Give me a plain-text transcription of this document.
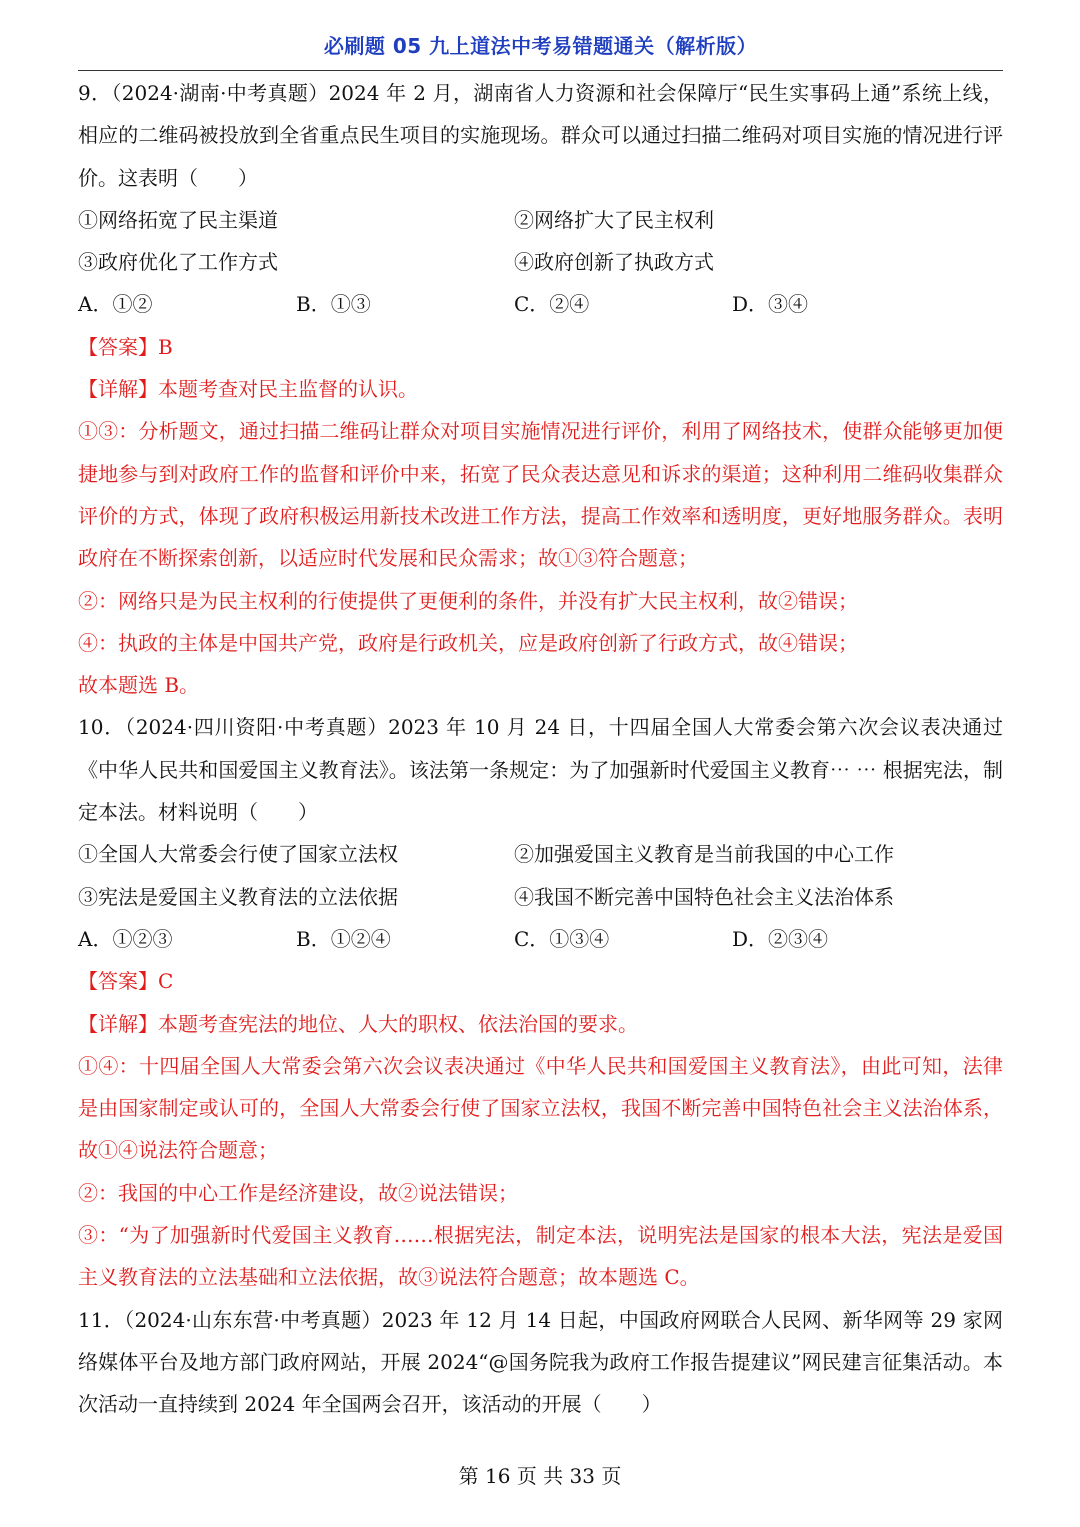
必刷题 05 九上道法中考易错题通关（解析版）
9．（2024·湖南·中考真题）2024 年 2 月，湖南省人力资源和社会保障厅“民生实事码上通”系统上线，相应的二维码被投放到全省重点民生项目的实施现场。群众可以通过扫描二维码对项目实施的情况进行评价。这表明（　　）
①网络拓宽了民主渠道	②网络扩大了民主权利
③政府优化了工作方式	④政府创新了执政方式
A．①②	B．①③	C．②④	D．③④
【答案】B
【详解】本题考查对民主监督的认识。
①③：分析题文，通过扫描二维码让群众对项目实施情况进行评价，利用了网络技术，使群众能够更加便捷地参与到对政府工作的监督和评价中来，拓宽了民众表达意见和诉求的渠道；这种利用二维码收集群众评价的方式，体现了政府积极运用新技术改进工作方法，提高工作效率和透明度，更好地服务群众。表明政府在不断探索创新，以适应时代发展和民众需求；故①③符合题意；
②：网络只是为民主权利的行使提供了更便利的条件，并没有扩大民主权利，故②错误；
④：执政的主体是中国共产党，政府是行政机关，应是政府创新了行政方式，故④错误；
故本题选 B。
10．（2024·四川资阳·中考真题）2023 年 10 月 24 日，十四届全国人大常委会第六次会议表决通过《中华人民共和国爱国主义教育法》。该法第一条规定：为了加强新时代爱国主义教育⋯ ⋯ 根据宪法，制定本法。材料说明（　　）
①全国人大常委会行使了国家立法权	②加强爱国主义教育是当前我国的中心工作
③宪法是爱国主义教育法的立法依据	④我国不断完善中国特色社会主义法治体系
A．①②③	B．①②④	C．①③④	D．②③④
【答案】C
【详解】本题考查宪法的地位、人大的职权、依法治国的要求。
①④：十四届全国人大常委会第六次会议表决通过《中华人民共和国爱国主义教育法》，由此可知，法律是由国家制定或认可的，全国人大常委会行使了国家立法权，我国不断完善中国特色社会主义法治体系，故①④说法符合题意；
②：我国的中心工作是经济建设，故②说法错误；
③：“为了加强新时代爱国主义教育……根据宪法，制定本法，说明宪法是国家的根本大法，宪法是爱国主义教育法的立法基础和立法依据，故③说法符合题意；故本题选 C。
11．（2024·山东东营·中考真题）2023 年 12 月 14 日起，中国政府网联合人民网、新华网等 29 家网络媒体平台及地方部门政府网站，开展 2024“@国务院我为政府工作报告提建议”网民建言征集活动。本次活动一直持续到 2024 年全国两会召开，该活动的开展（　　）
第 16 页 共 33 页
